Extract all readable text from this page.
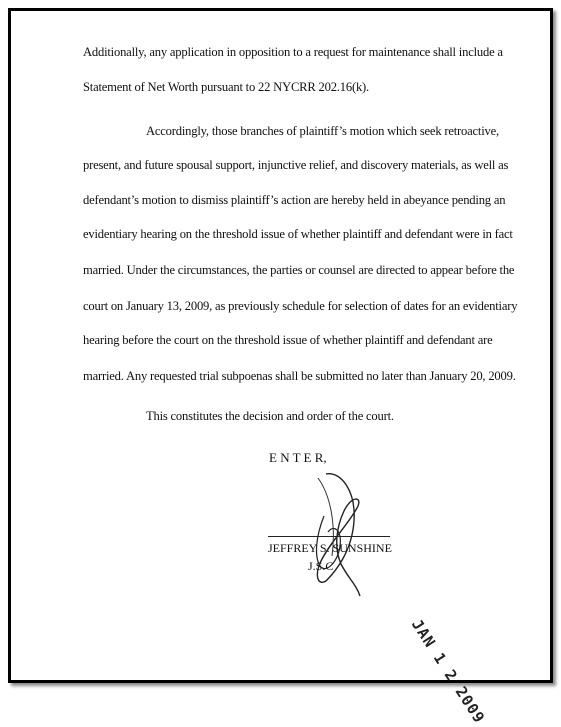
Additionally, any application in opposition to a request for maintenance shall include a
Statement of Net Worth pursuant to 22 NYCRR 202.16(k).
Accordingly, those branches of plaintiff’s motion which seek retroactive,
present, and future spousal support, injunctive relief, and discovery materials, as well as
defendant’s motion to dismiss plaintiff’s action are hereby held in abeyance pending an
evidentiary hearing on the threshold issue of whether plaintiff and defendant were in fact
married. Under the circumstances, the parties or counsel are directed to appear before the
court on January 13, 2009, as previously schedule for selection of dates for an evidentiary
hearing before the court on the threshold issue of whether plaintiff and defendant are
married. Any requested trial subpoenas shall be submitted no later than January 20, 2009.
This constitutes the decision and order of the court.
E N T E R,
JEFFREY S. SUNSHINE
J.S.C
JAN 1 2 2009
